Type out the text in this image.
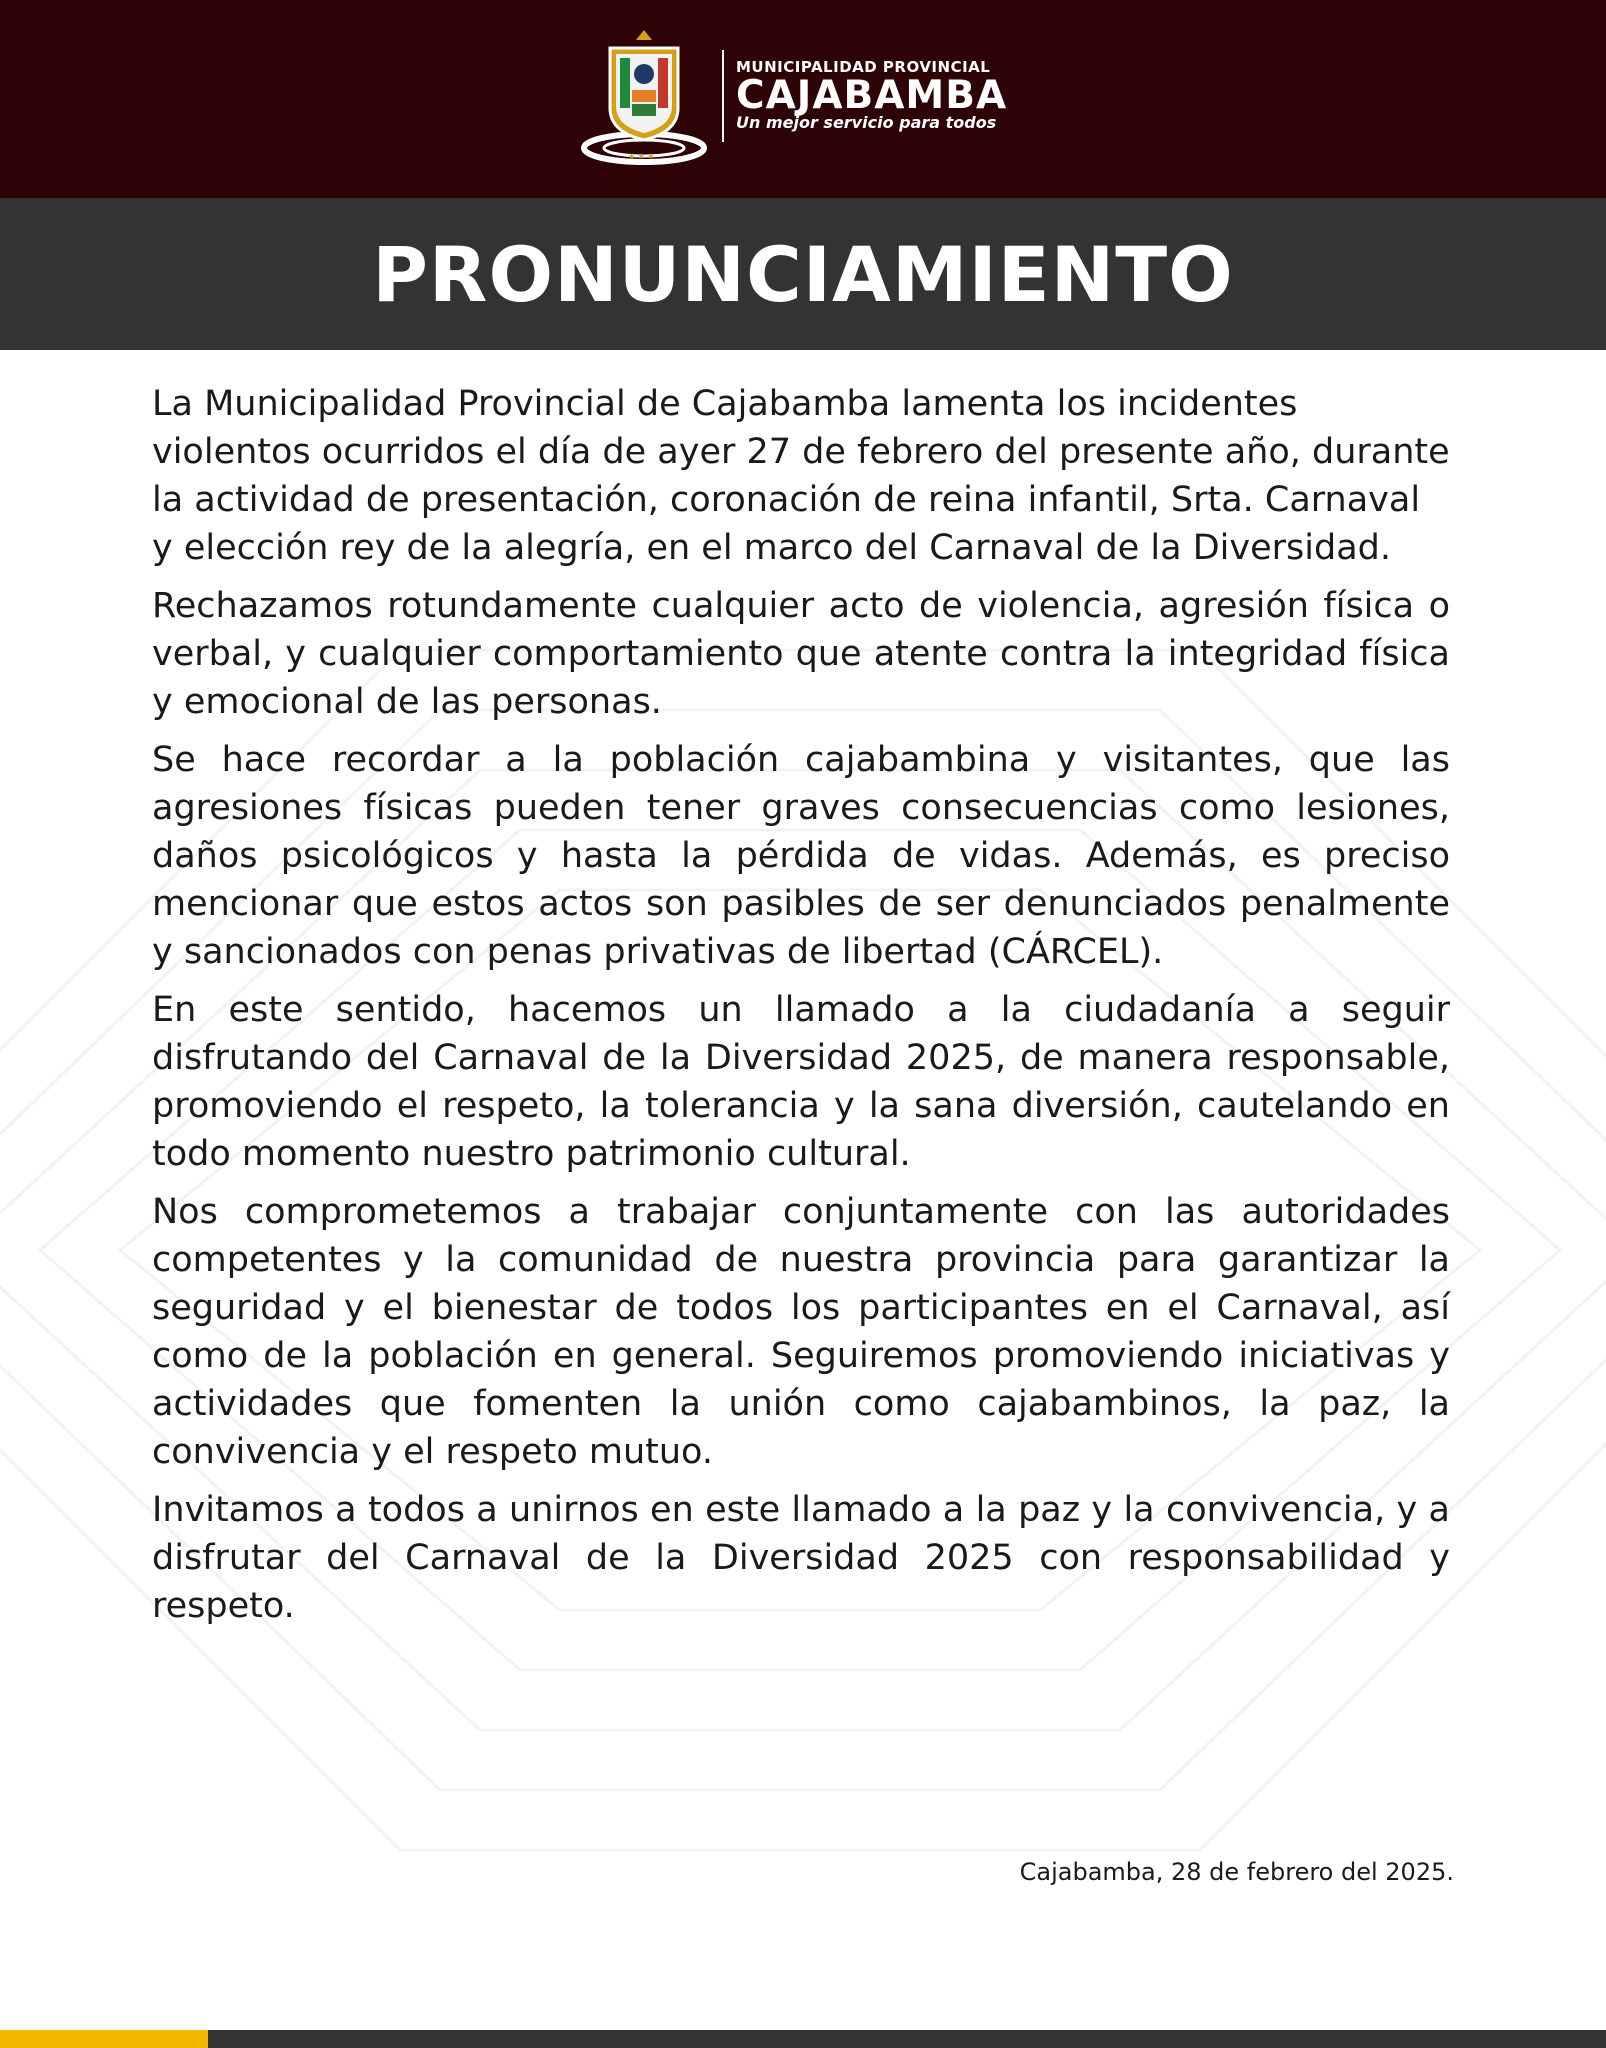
★ ★ ★
MUNICIPALIDAD PROVINCIAL
CAJABAMBA
Un mejor servicio para todos
PRONUNCIAMIENTO

La Municipalidad Provincial de Cajabamba lamenta los incidentes violentos ocurridos el día de ayer 27 de febrero del presente año, durante la actividad de presentación, coronación de reina infantil, Srta. Carnaval y elección rey de la alegría, en el marco del Carnaval de la Diversidad.

Rechazamos rotundamente cualquier acto de violencia, agresión física o verbal, y cualquier comportamiento que atente contra la integridad física y emocional de las personas.

Se hace recordar a la población cajabambina y visitantes, que las agresiones físicas pueden tener graves consecuencias como lesiones, daños psicológicos y hasta la pérdida de vidas. Además, es preciso mencionar que estos actos son pasibles de ser denunciados penalmente y sancionados con penas privativas de libertad (CÁRCEL).

En este sentido, hacemos un llamado a la ciudadanía a seguir disfrutando del Carnaval de la Diversidad 2025, de manera responsable, promoviendo el respeto, la tolerancia y la sana diversión, cautelando en todo momento nuestro patrimonio cultural.

Nos comprometemos a trabajar conjuntamente con las autoridades competentes y la comunidad de nuestra provincia para garantizar la seguridad y el bienestar de todos los participantes en el Carnaval, así como de la población en general. Seguiremos promoviendo iniciativas y actividades que fomenten la unión como cajabambinos, la paz, la convivencia y el respeto mutuo.

Invitamos a todos a unirnos en este llamado a la paz y la convivencia, y a disfrutar del Carnaval de la Diversidad 2025 con responsabilidad y respeto.

Cajabamba, 28 de febrero del 2025.
